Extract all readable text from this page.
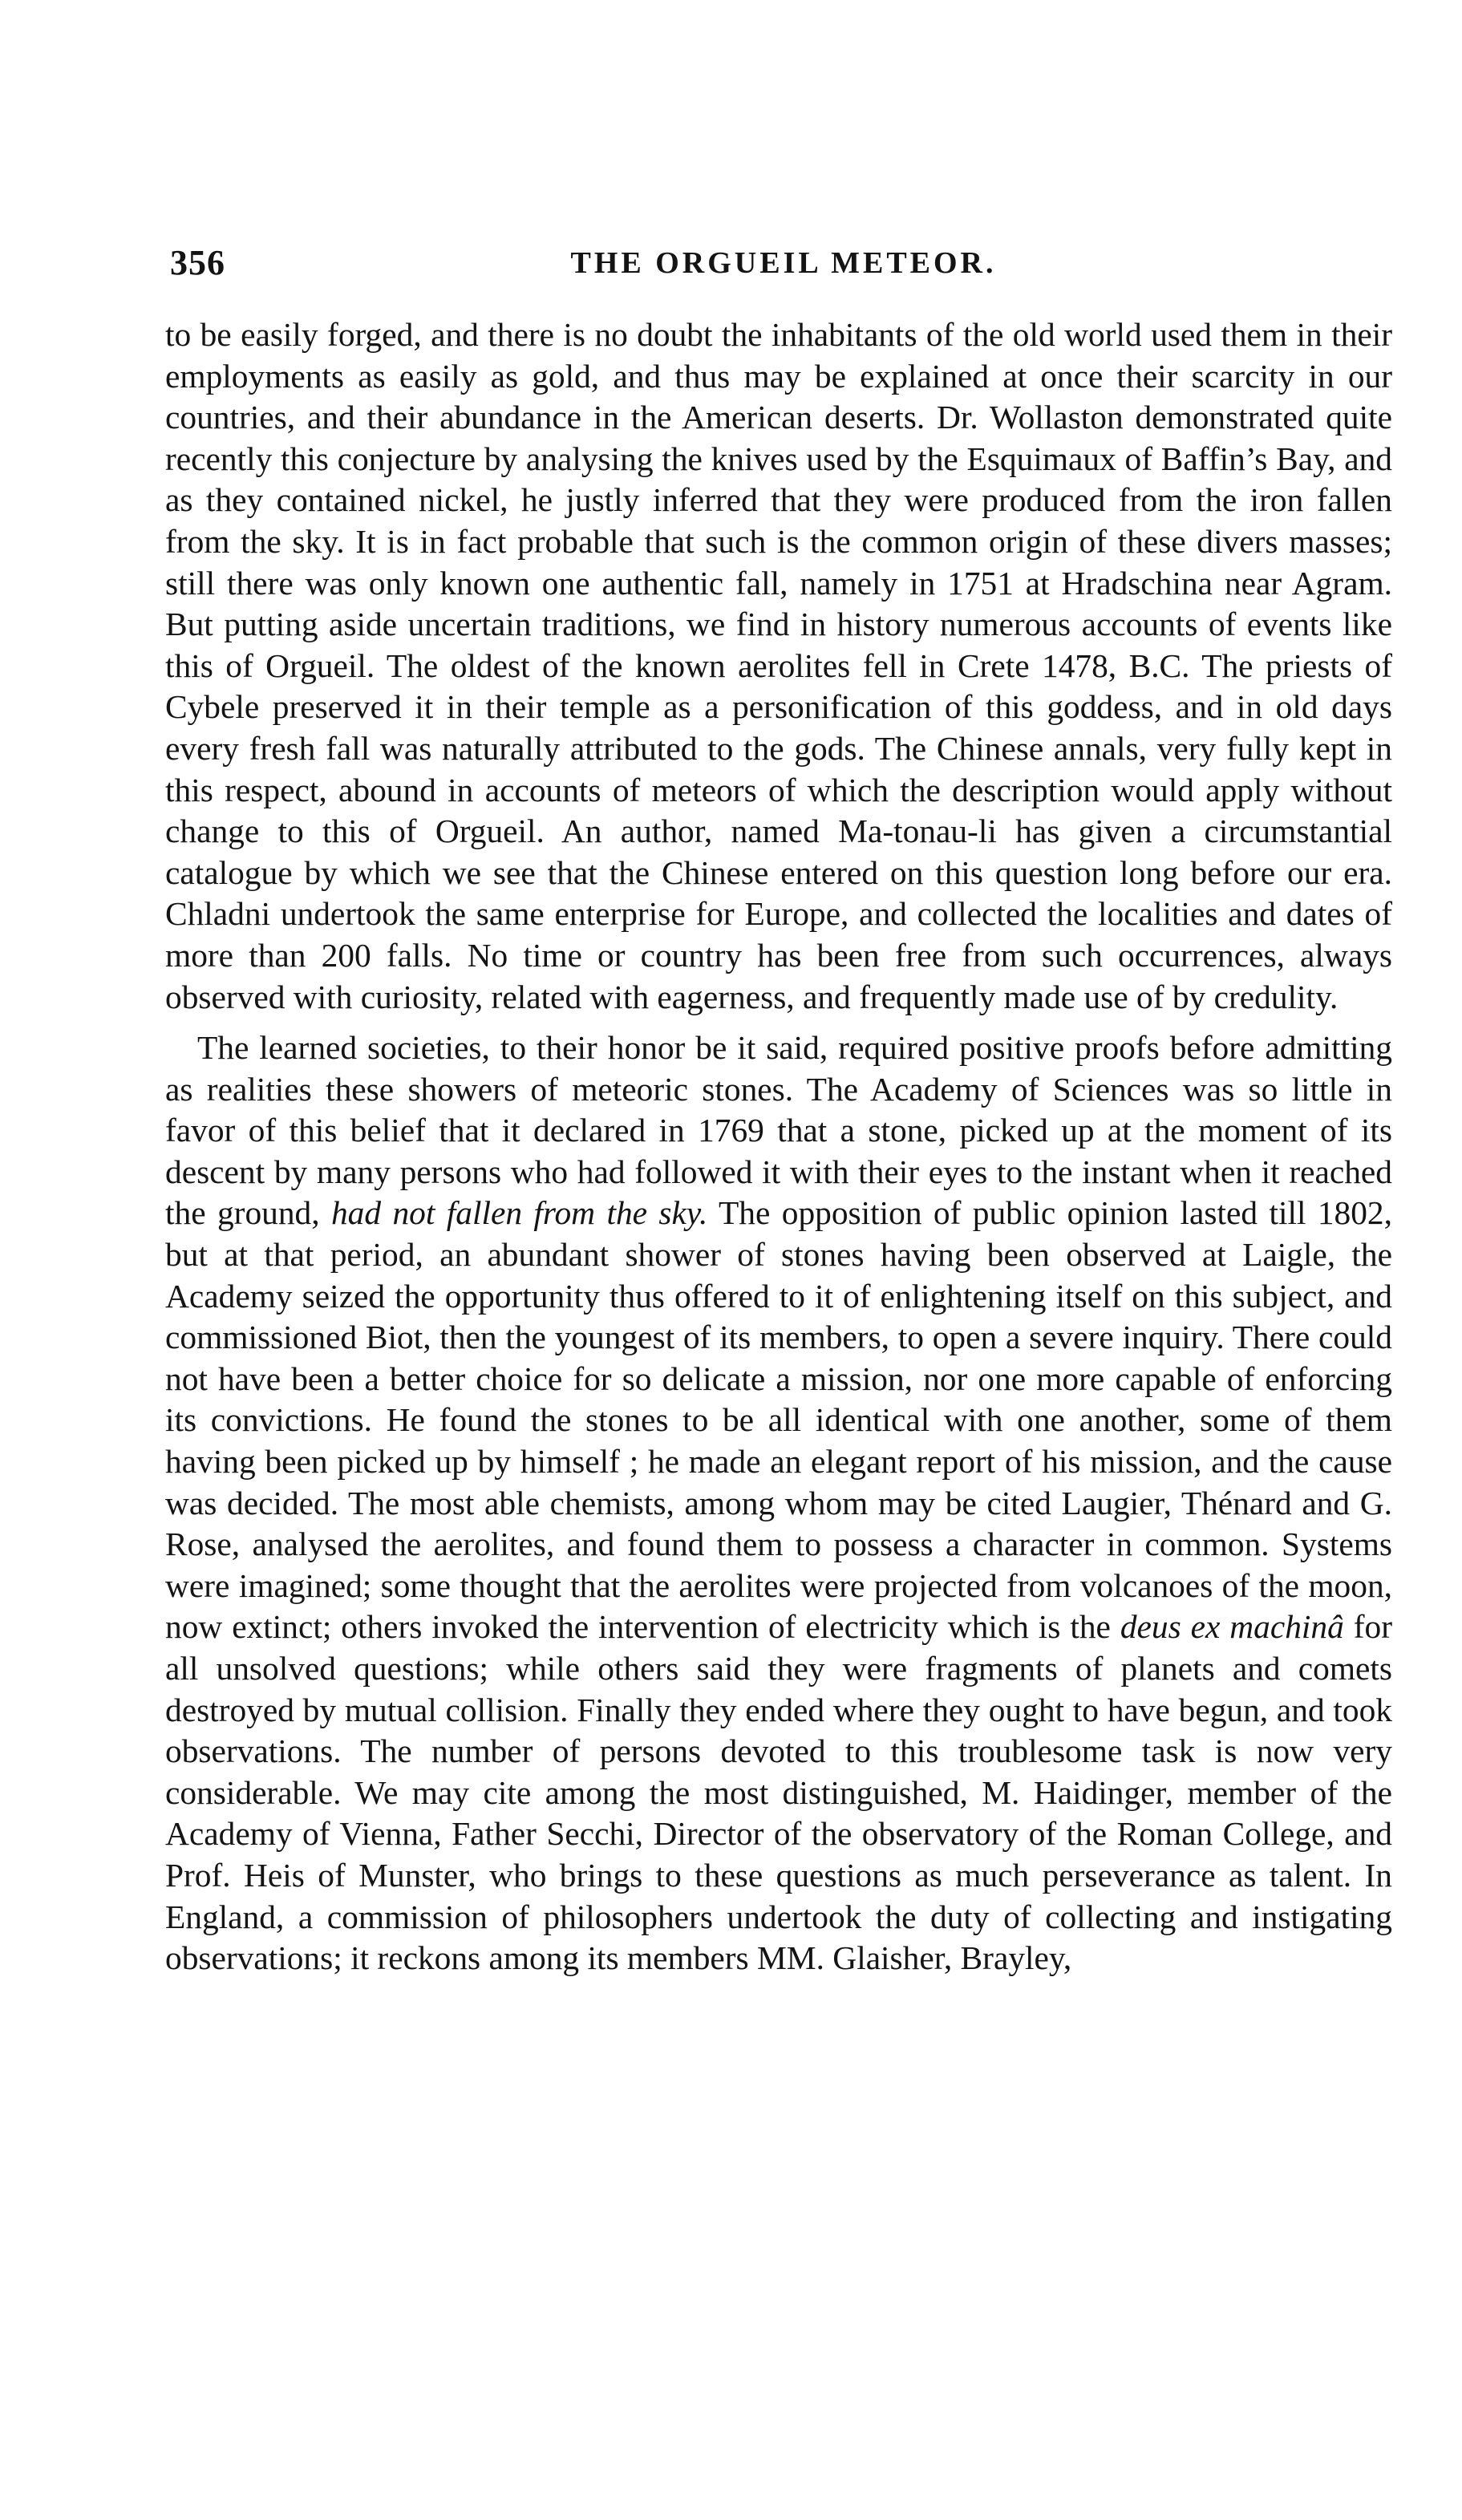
356	THE ORGUEIL METEOR.

to be easily forged, and there is no doubt the inhabitants of the old world used them in their employments as easily as gold, and thus may be explained at once their scarcity in our countries, and their abundance in the American deserts. Dr. Wollaston demonstrated quite recently this conjecture by analysing the knives used by the Esquimaux of Baffin’s Bay, and as they contained nickel, he justly inferred that they were produced from the iron fallen from the sky. It is in fact probable that such is the common origin of these divers masses; still there was only known one authentic fall, namely in 1751 at Hradschina near Agram. But putting aside uncertain traditions, we find in history numerous accounts of events like this of Orgueil. The oldest of the known aerolites fell in Crete 1478, B.C. The priests of Cybele preserved it in their temple as a personification of this goddess, and in old days every fresh fall was naturally attributed to the gods. The Chinese annals, very fully kept in this respect, abound in accounts of meteors of which the description would apply without change to this of Orgueil. An author, named Ma-tonau-li has given a circumstantial catalogue by which we see that the Chinese entered on this question long before our era. Chladni undertook the same enterprise for Europe, and collected the localities and dates of more than 200 falls. No time or country has been free from such occurrences, always observed with curiosity, related with eagerness, and frequently made use of by credulity.

The learned societies, to their honor be it said, required positive proofs before admitting as realities these showers of meteoric stones. The Academy of Sciences was so little in favor of this belief that it declared in 1769 that a stone, picked up at the moment of its descent by many persons who had followed it with their eyes to the instant when it reached the ground, had not fallen from the sky. The opposition of public opinion lasted till 1802, but at that period, an abundant shower of stones having been observed at Laigle, the Academy seized the opportunity thus offered to it of enlightening itself on this subject, and commissioned Biot, then the youngest of its members, to open a severe inquiry. There could not have been a better choice for so delicate a mission, nor one more capable of enforcing its convictions. He found the stones to be all identical with one another, some of them having been picked up by himself ; he made an elegant report of his mission, and the cause was decided. The most able chemists, among whom may be cited Laugier, Thénard and G. Rose, analysed the aerolites, and found them to possess a character in common. Systems were imagined; some thought that the aerolites were projected from volcanoes of the moon, now extinct; others invoked the intervention of electricity which is the deus ex machinâ for all unsolved questions; while others said they were fragments of planets and comets destroyed by mutual collision. Finally they ended where they ought to have begun, and took observations. The number of persons devoted to this troublesome task is now very considerable. We may cite among the most distinguished, M. Haidinger, member of the Academy of Vienna, Father Secchi, Director of the observatory of the Roman College, and Prof. Heis of Munster, who brings to these questions as much perseverance as talent. In England, a commission of philosophers undertook the duty of collecting and instigating observations; it reckons among its members MM. Glaisher, Brayley,
